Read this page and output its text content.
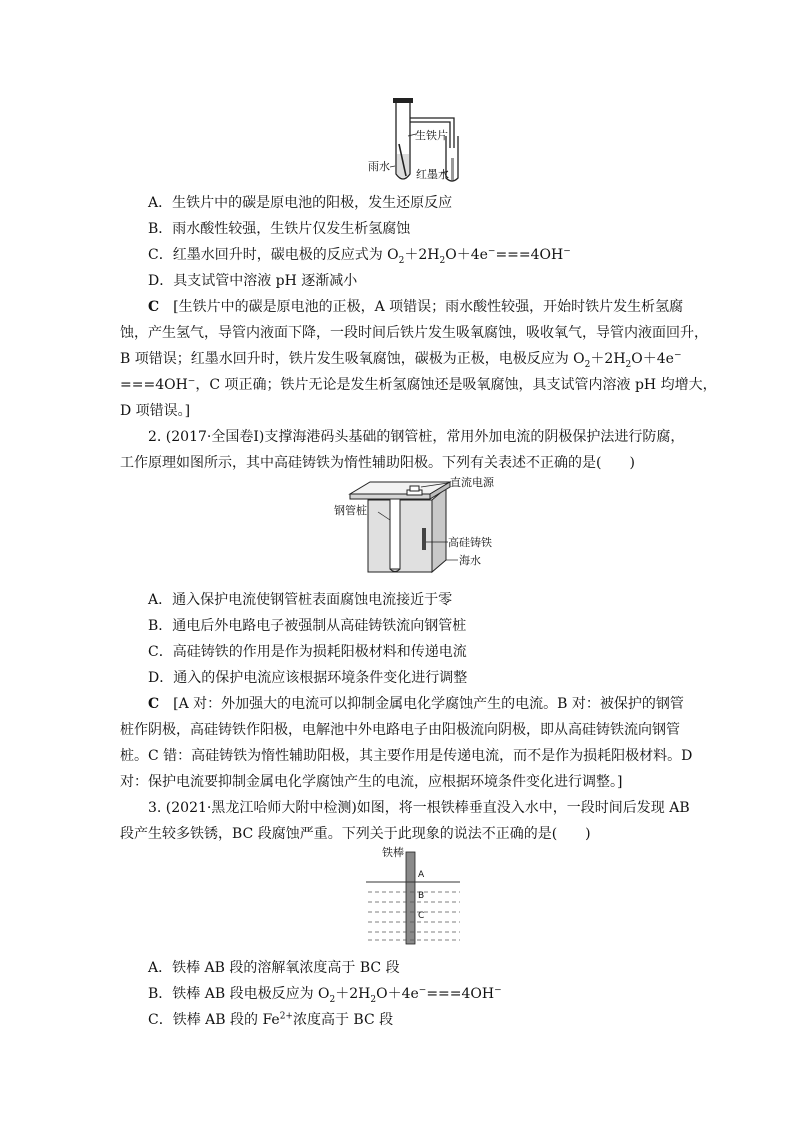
生铁片
雨水
红墨水
A．生铁片中的碳是原电池的阳极，发生还原反应
B．雨水酸性较强，生铁片仅发生析氢腐蚀
C．红墨水回升时，碳电极的反应式为 $O_2+2H_2O+4e^-===4OH^-$
D．具支试管中溶液 pH 逐渐减小
C　 [生铁片中的碳是原电池的正极，A 项错误；雨水酸性较强，开始时铁片发生析氢腐
蚀，产生氢气，导管内液面下降，一段时间后铁片发生吸氧腐蚀，吸收氧气，导管内液面回升，
B 项错误；红墨水回升时，铁片发生吸氧腐蚀，碳极为正极，电极反应为 $O_2+2H_2O+4e^-$
===4OH−，C 项正确；铁片无论是发生析氢腐蚀还是吸氧腐蚀，具支试管内溶液 pH 均增大，
D 项错误。]
2. (2017·全国卷Ⅰ)支撑海港码头基础的钢管桩，常用外加电流的阴极保护法进行防腐，
工作原理如图所示，其中高硅铸铁为惰性辅助阳极。下列有关表述不正确的是(　　)
直流电源
钢管桩
高硅铸铁
海水
A．通入保护电流使钢管桩表面腐蚀电流接近于零
B．通电后外电路电子被强制从高硅铸铁流向钢管桩
C．高硅铸铁的作用是作为损耗阳极材料和传递电流
D．通入的保护电流应该根据环境条件变化进行调整
C　 [A 对：外加强大的电流可以抑制金属电化学腐蚀产生的电流。B 对：被保护的钢管
桩作阴极，高硅铸铁作阳极，电解池中外电路电子由阳极流向阴极，即从高硅铸铁流向钢管
桩。C 错：高硅铸铁为惰性辅助阳极，其主要作用是传递电流，而不是作为损耗阳极材料。D
对：保护电流要抑制金属电化学腐蚀产生的电流，应根据环境条件变化进行调整。]
3. (2021·黑龙江哈师大附中检测)如图，将一根铁棒垂直没入水中，一段时间后发现 AB
段产生较多铁锈，BC 段腐蚀严重。下列关于此现象的说法不正确的是(　　)
铁棒
A
B
C
A．铁棒 AB 段的溶解氧浓度高于 BC 段
B．铁棒 AB 段电极反应为 $O_2+2H_2O+4e^-===4OH^-$
C．铁棒 AB 段的 $Fe^{2+}$浓度高于 BC 段
